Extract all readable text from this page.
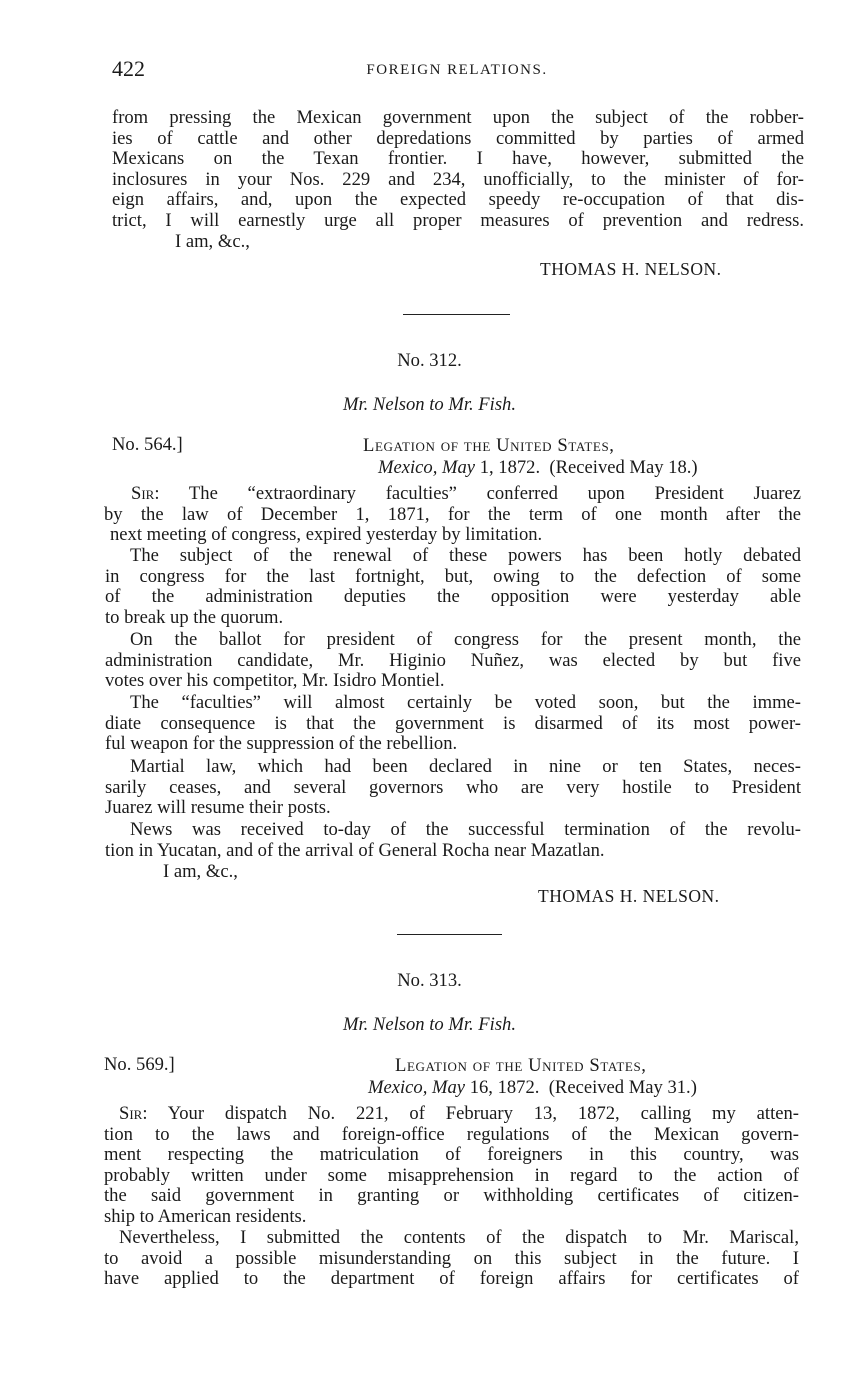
422	FOREIGN RELATIONS.

from pressing the Mexican government upon the subject of the robber-

ies of cattle and other depredations committed by parties of armed

Mexicans on the Texan frontier. I have, however, submitted the

inclosures in your Nos. 229 and 234, unofficially, to the minister of for-

eign affairs, and, upon the expected speedy re-occupation of that dis-

trict, I will earnestly urge all proper measures of prevention and redress.

I am, &c.,

THOMAS H. NELSON.

No. 312.

Mr. Nelson to Mr. Fish.

No. 564.]	Legation of the United States,

Mexico, May 1, 1872. (Received May 18.)

Sir: The “extraordinary faculties” conferred upon President Juarez

by the law of December 1, 1871, for the term of one month after the

next meeting of congress, expired yesterday by limitation.

The subject of the renewal of these powers has been hotly debated

in congress for the last fortnight, but, owing to the defection of some

of the administration deputies the opposition were yesterday able

to break up the quorum.

On the ballot for president of congress for the present month, the

administration candidate, Mr. Higinio Nuñez, was elected by but five

votes over his competitor, Mr. Isidro Montiel.

The “faculties” will almost certainly be voted soon, but the imme-

diate consequence is that the government is disarmed of its most power-

ful weapon for the suppression of the rebellion.

Martial law, which had been declared in nine or ten States, neces-

sarily ceases, and several governors who are very hostile to President

Juarez will resume their posts.

News was received to-day of the successful termination of the revolu-

tion in Yucatan, and of the arrival of General Rocha near Mazatlan.

I am, &c.,

THOMAS H. NELSON.

No. 313.

Mr. Nelson to Mr. Fish.

No. 569.]	Legation of the United States,

Mexico, May 16, 1872. (Received May 31.)

Sir: Your dispatch No. 221, of February 13, 1872, calling my atten-

tion to the laws and foreign-office regulations of the Mexican govern-

ment respecting the matriculation of foreigners in this country, was

probably written under some misapprehension in regard to the action of

the said government in granting or withholding certificates of citizen-

ship to American residents.

Nevertheless, I submitted the contents of the dispatch to Mr. Mariscal,

to avoid a possible misunderstanding on this subject in the future. I

have applied to the department of foreign affairs for certificates of
